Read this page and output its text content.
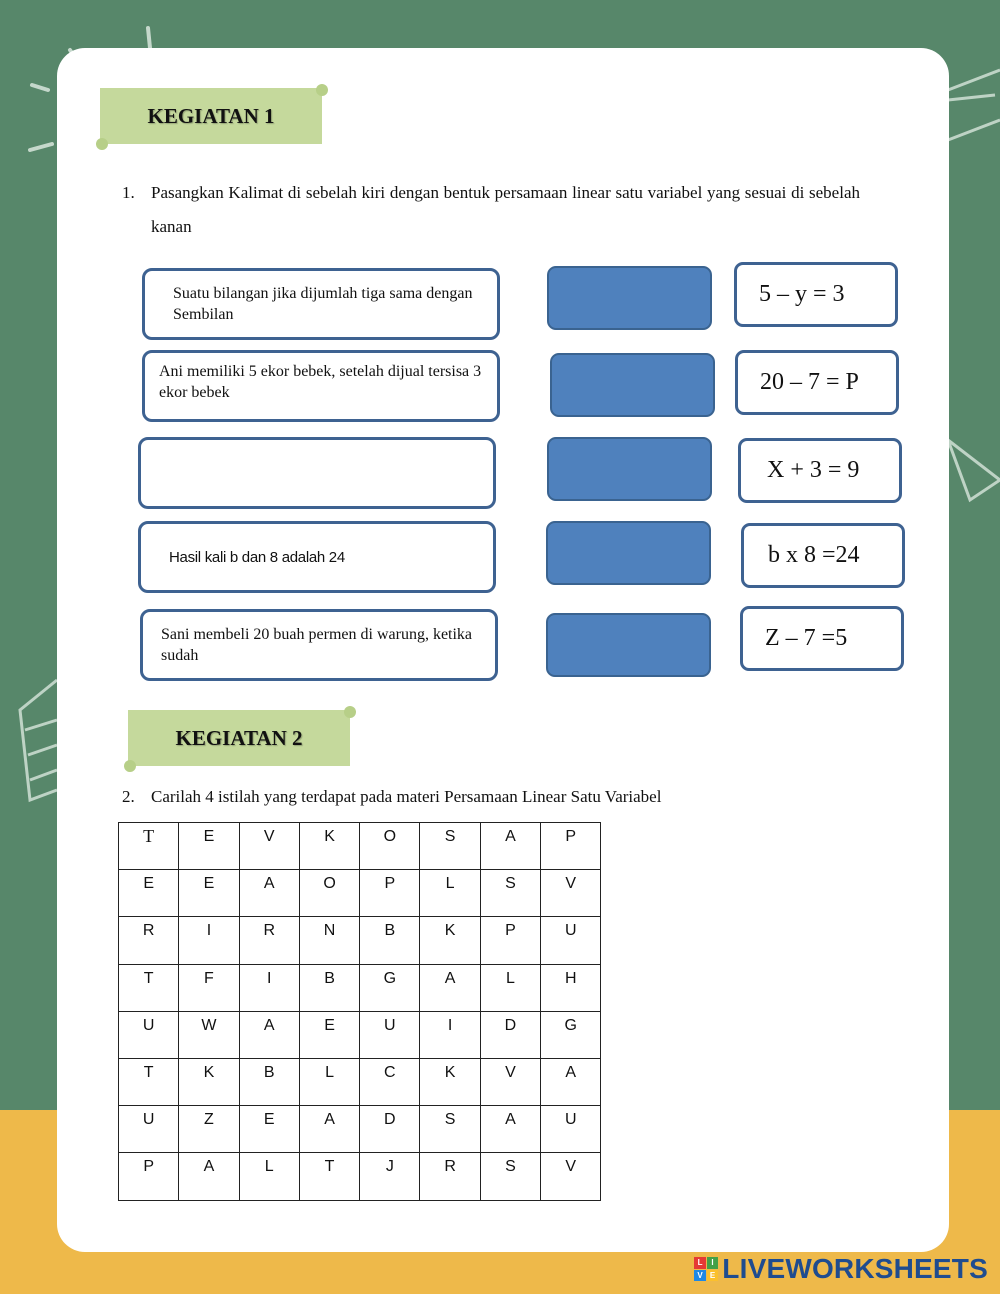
KEGIATAN 1
1. Pasangkan Kalimat di sebelah kiri dengan bentuk persamaan linear satu variabel yang sesuai di sebelah kanan
Suatu bilangan jika dijumlah tiga sama dengan Sembilan
5 – y = 3
Ani memiliki 5 ekor bebek, setelah dijual tersisa 3 ekor bebek	20 – 7 = P
X + 3 = 9
Hasil kali b dan 8 adalah 24	b x 8 =24
Sani membeli 20 buah permen di warung, ketika sudah
Z – 7 =5
KEGIATAN 2
2. Carilah 4 istilah yang terdapat pada materi Persamaan Linear Satu Variabel
T	E	V	K	O	S	A	P
E	E	A	O	P	L	S	V
R	I	R	N	B	K	P	U
T	F	I	B	G	A	L	H
U	W	A	E	U	I	D	G
T	K	B	L	C	K	V	A
U	Z	E	A	D	S	A	U
P	A	L	T	J	R	S	V
L	I
V E LIVEWORKSHEETS
